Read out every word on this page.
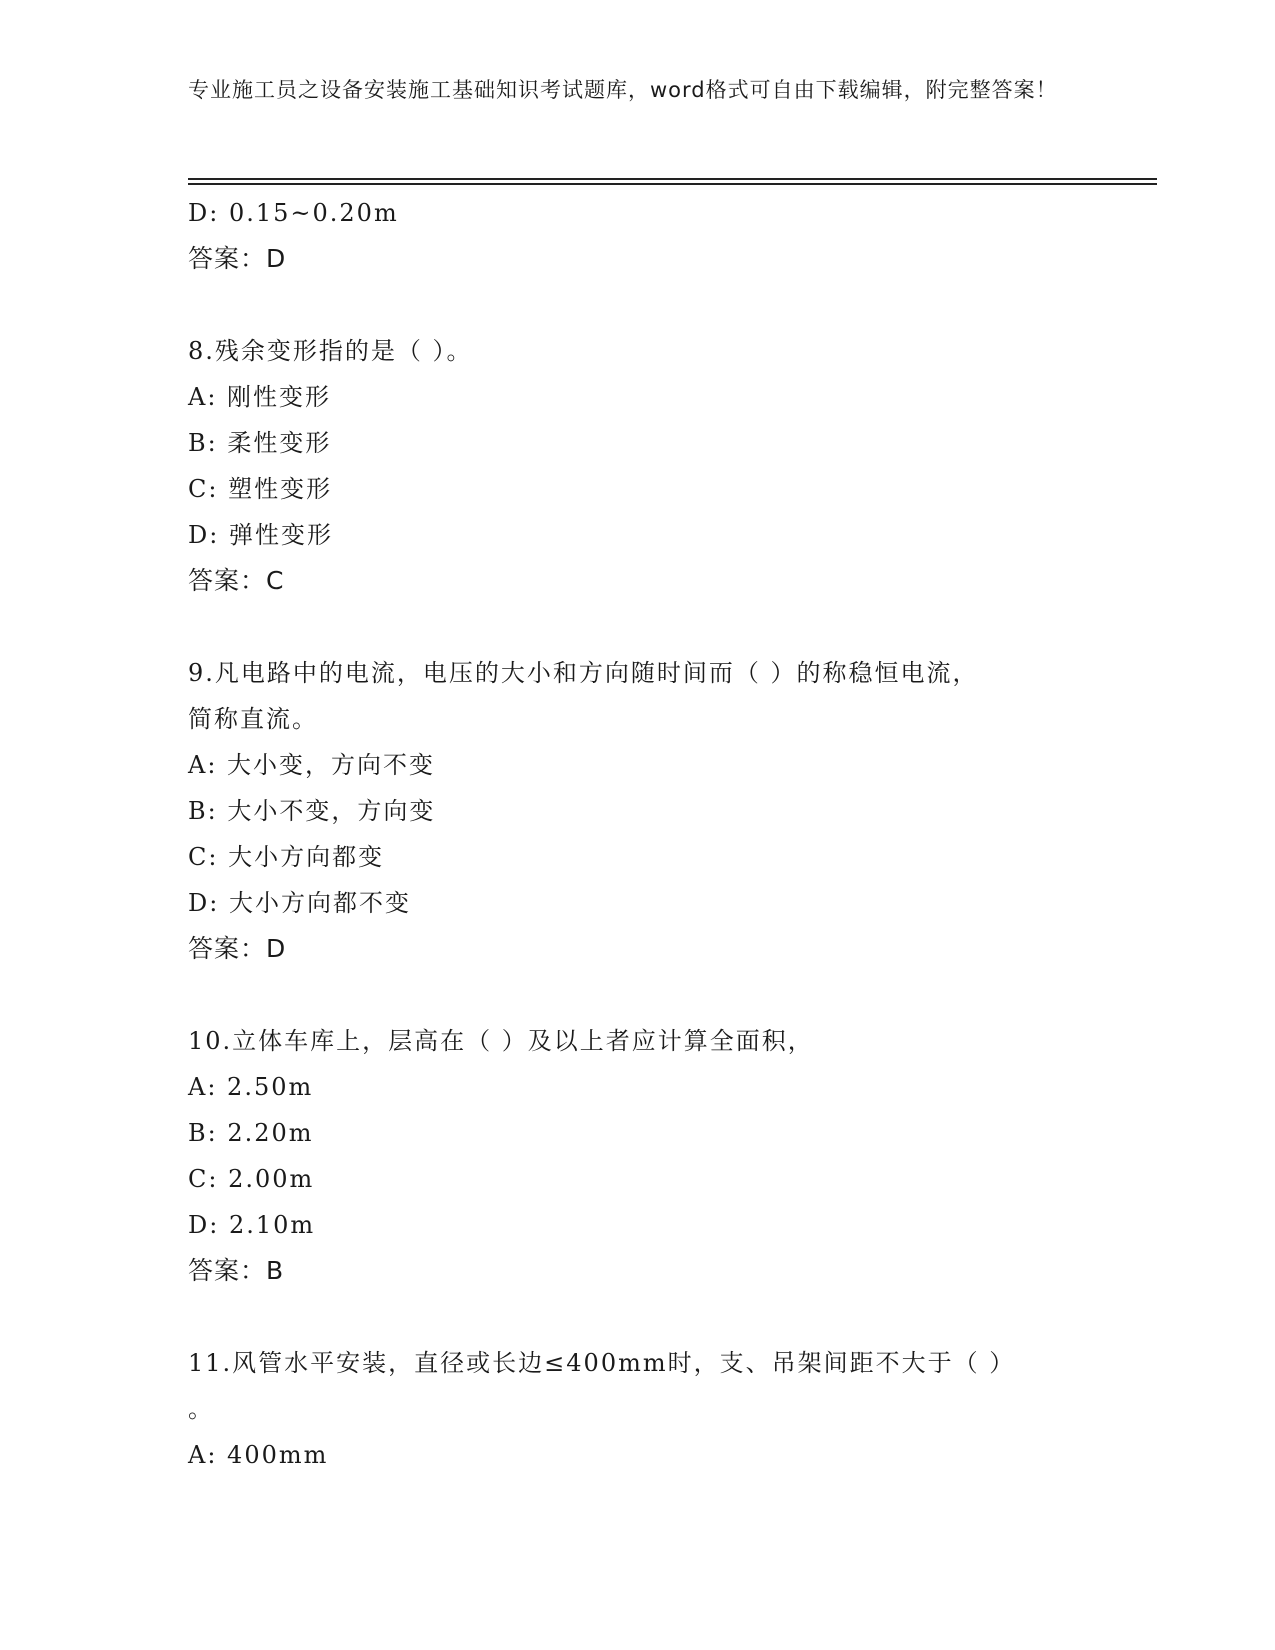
专业施工员之设备安装施工基础知识考试题库，word格式可自由下载编辑，附完整答案！
D: 0.15~0.20m
答案：D
8.残余变形指的是（ ）。
A: 刚性变形
B: 柔性变形
C: 塑性变形
D: 弹性变形
答案：C
9.凡电路中的电流，电压的大小和方向随时间而（ ）的称稳恒电流，
简称直流。
A: 大小变，方向不变
B: 大小不变，方向变
C: 大小方向都变
D: 大小方向都不变
答案：D
10.立体车库上，层高在（ ）及以上者应计算全面积，
A: 2.50m
B: 2.20m
C: 2.00m
D: 2.10m
答案：B
11.风管水平安装，直径或长边≤400mm时，支、吊架间距不大于（ ）
。
A: 400mm
